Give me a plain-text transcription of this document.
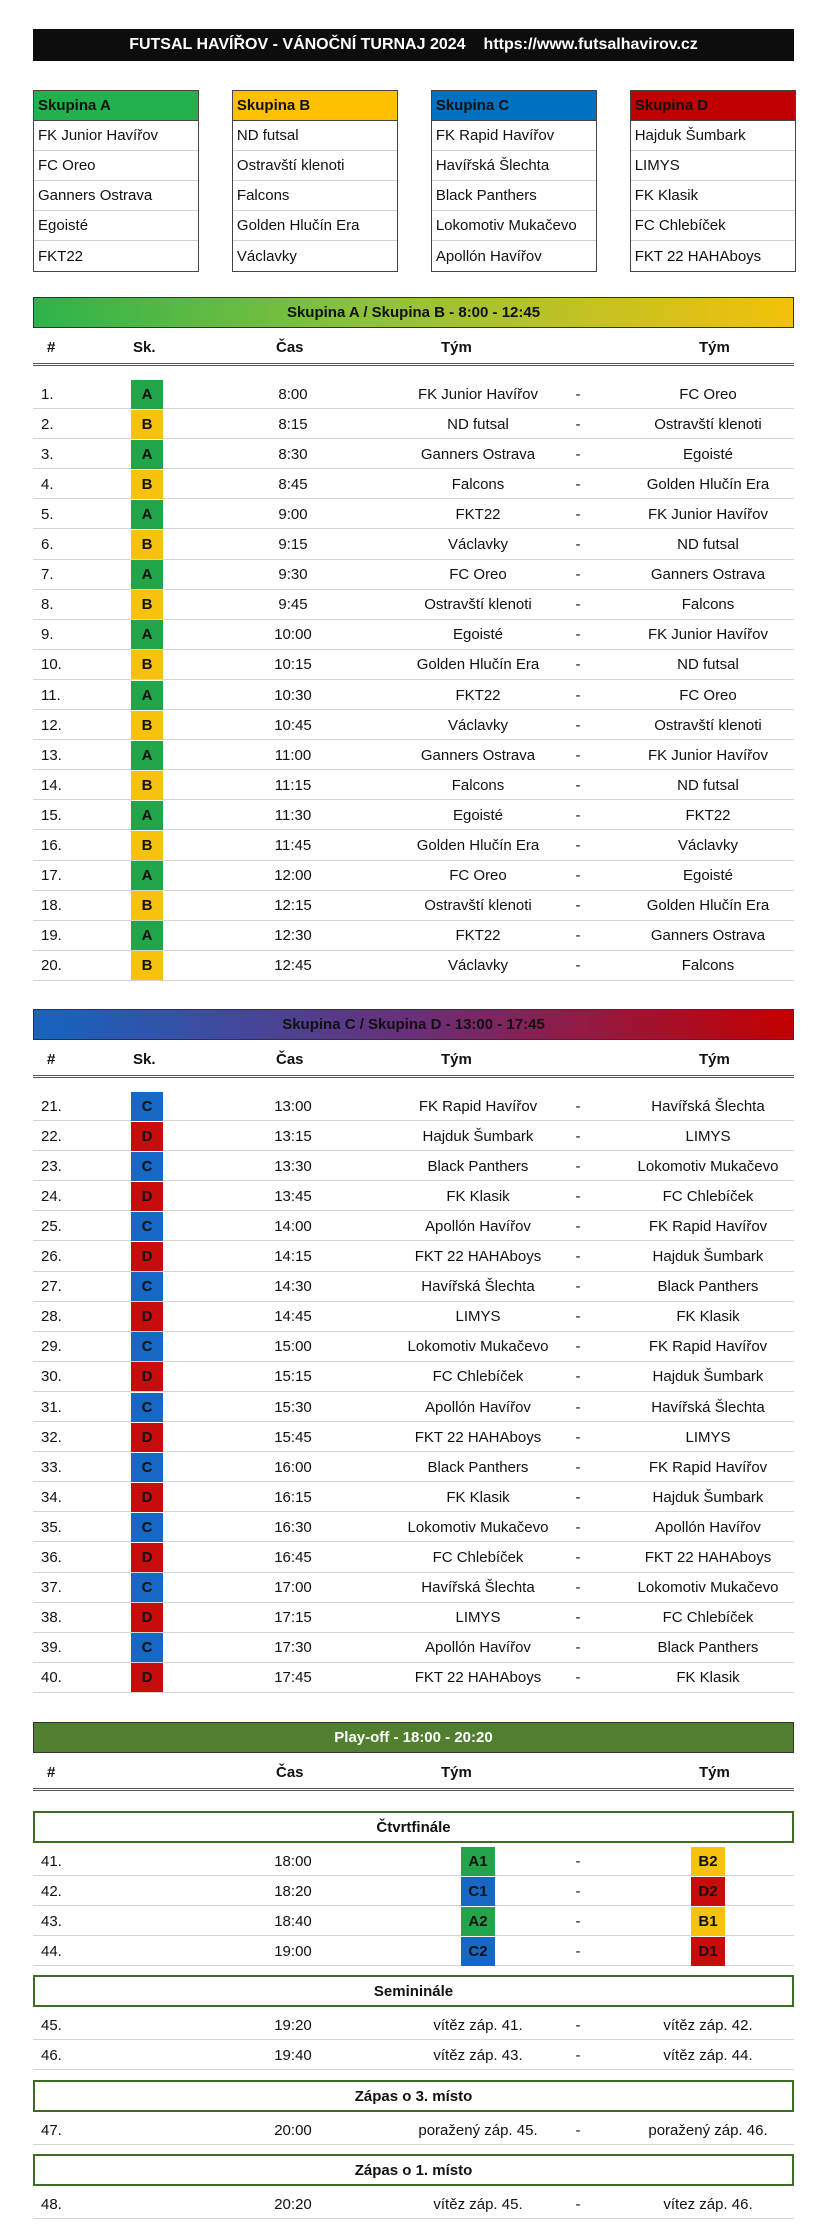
FUTSAL HAVÍŘOV - VÁNOČNÍ TURNAJ 2024 https://www.futsalhavirov.cz
Skupina A
FK Junior Havířov
FC Oreo
Ganners Ostrava
Egoisté
FKT22
Skupina B
ND futsal
Ostravští klenoti
Falcons
Golden Hlučín Era
Václavky
Skupina C
FK Rapid Havířov
Havířská Šlechta
Black Panthers
Lokomotiv Mukačevo
Apollón Havířov
Skupina D
Hajduk Šumbark
LIMYS
FK Klasik
FC Chlebíček
FKT 22 HAHAboys
Skupina A / Skupina B - 8:00 - 12:45
#	Sk.	Čas	Tým	Tým
1.	A	8:00	FK Junior Havířov	-	FC Oreo
2.	B	8:15	ND futsal	-	Ostravští klenoti
3.	A	8:30	Ganners Ostrava	-	Egoisté
4.	B	8:45	Falcons	-	Golden Hlučín Era
5.	A	9:00	FKT22	-	FK Junior Havířov
6.	B	9:15	Václavky	-	ND futsal
7.	A	9:30	FC Oreo	-	Ganners Ostrava
8.	B	9:45	Ostravští klenoti	-	Falcons
9.	A	10:00	Egoisté	-	FK Junior Havířov
10.	B	10:15	Golden Hlučín Era	-	ND futsal
11.	A	10:30	FKT22	-	FC Oreo
12.	B	10:45	Václavky	-	Ostravští klenoti
13.	A	11:00	Ganners Ostrava	-	FK Junior Havířov
14.	B	11:15	Falcons	-	ND futsal
15.	A	11:30	Egoisté	-	FKT22
16.	B	11:45	Golden Hlučín Era	-	Václavky
17.	A	12:00	FC Oreo	-	Egoisté
18.	B	12:15	Ostravští klenoti	-	Golden Hlučín Era
19.	A	12:30	FKT22	-	Ganners Ostrava
20.	B	12:45	Václavky	-	Falcons
Skupina C / Skupina D - 13:00 - 17:45
#	Sk.	Čas	Tým	Tým
21.	C	13:00	FK Rapid Havířov	-	Havířská Šlechta
22.	D	13:15	Hajduk Šumbark	-	LIMYS
23.	C	13:30	Black Panthers	-	Lokomotiv Mukačevo
24.	D	13:45	FK Klasik	-	FC Chlebíček
25.	C	14:00	Apollón Havířov	-	FK Rapid Havířov
26.	D	14:15	FKT 22 HAHAboys	-	Hajduk Šumbark
27.	C	14:30	Havířská Šlechta	-	Black Panthers
28.	D	14:45	LIMYS	-	FK Klasik
29.	C	15:00	Lokomotiv Mukačevo	-	FK Rapid Havířov
30.	D	15:15	FC Chlebíček	-	Hajduk Šumbark
31.	C	15:30	Apollón Havířov	-	Havířská Šlechta
32.	D	15:45	FKT 22 HAHAboys	-	LIMYS
33.	C	16:00	Black Panthers	-	FK Rapid Havířov
34.	D	16:15	FK Klasik	-	Hajduk Šumbark
35.	C	16:30	Lokomotiv Mukačevo	-	Apollón Havířov
36.	D	16:45	FC Chlebíček	-	FKT 22 HAHAboys
37.	C	17:00	Havířská Šlechta	-	Lokomotiv Mukačevo
38.	D	17:15	LIMYS	-	FC Chlebíček
39.	C	17:30	Apollón Havířov	-	Black Panthers
40.	D	17:45	FKT 22 HAHAboys	-	FK Klasik
Play-off - 18:00 - 20:20
#	Čas	Tým	Tým
Čtvrtfinále
41.	18:00	A1	-	B2
42.	18:20	C1	-	D2
43.	18:40	A2	-	B1
44.	19:00	C2	-	D1
Semininále
45.	19:20	vítěz záp. 41.	-	vítěz záp. 42.
46.	19:40	vítěz záp. 43.	-	vítěz záp. 44.
Zápas o 3. místo
47.	20:00	poražený záp. 45.	-	poražený záp. 46.
Zápas o 1. místo
48.	20:20	vítěz záp. 45.	-	vítez záp. 46.
